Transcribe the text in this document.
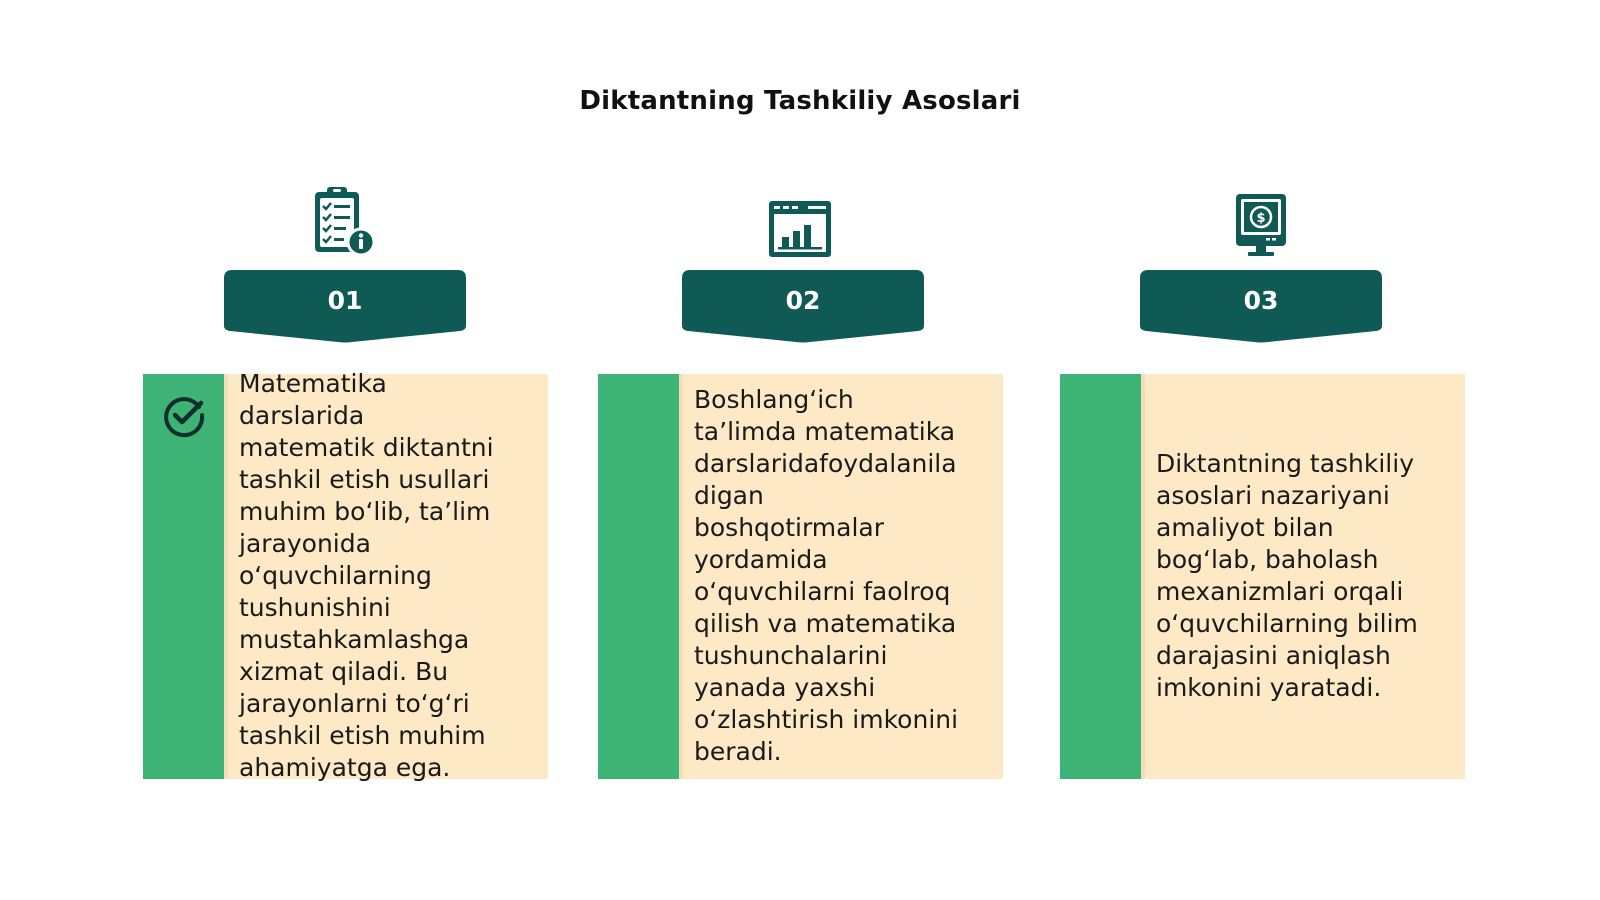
Diktantning Tashkiliy Asoslari
01
Matematika
darslarida
matematik diktantni
tashkil etish usullari
muhim bo‘lib, ta’lim
jarayonida
o‘quvchilarning
tushunishini
mustahkamlashga
xizmat qiladi. Bu
jarayonlarni to‘g‘ri
tashkil etish muhim
ahamiyatga ega.
02
Boshlang‘ich
ta’limda matematika
darslaridafoydalanila
digan
boshqotirmalar
yordamida
o‘quvchilarni faolroq
qilish va matematika
tushunchalarini
yanada yaxshi
o‘zlashtirish imkonini
beradi.
$
03
Diktantning tashkiliy
asoslari nazariyani
amaliyot bilan
bog‘lab, baholash
mexanizmlari orqali
o‘quvchilarning bilim
darajasini aniqlash
imkonini yaratadi.
